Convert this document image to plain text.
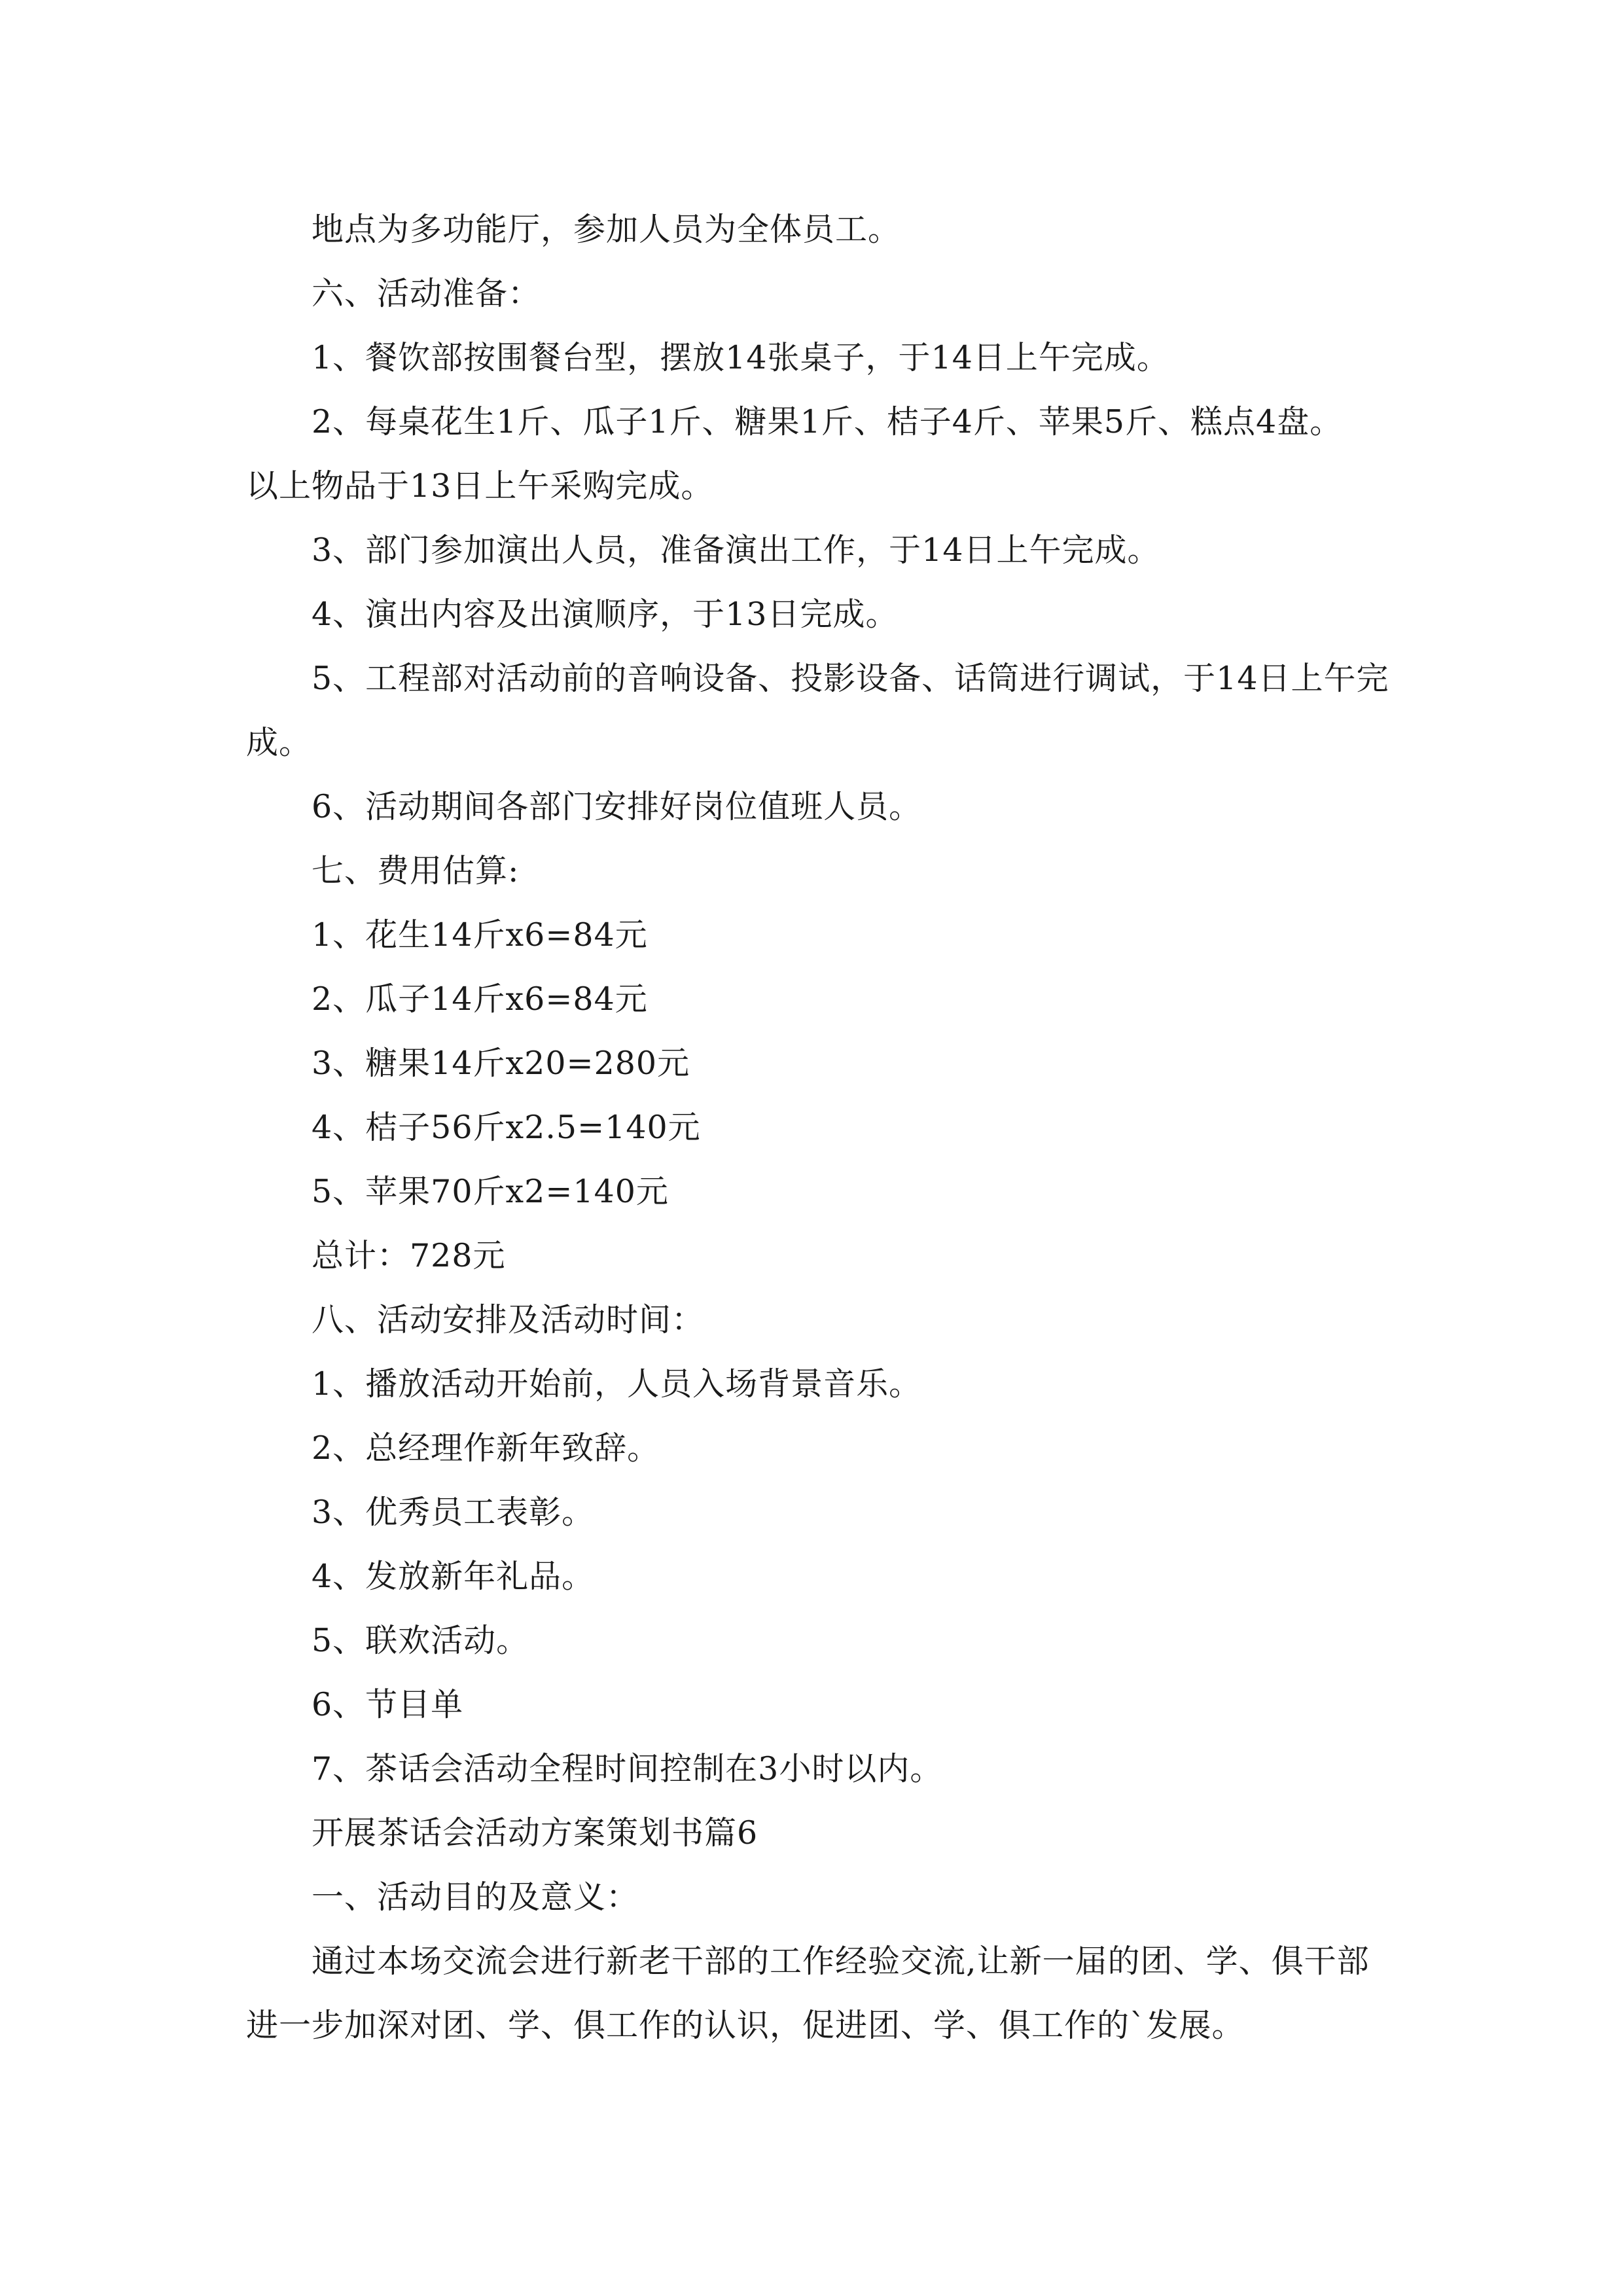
地点为多功能厅，参加人员为全体员工。
六、活动准备：
1、餐饮部按围餐台型，摆放14张桌子，于14日上午完成。
2、每桌花生1斤、瓜子1斤、糖果1斤、桔子4斤、苹果5斤、糕点4盘。
以上物品于13日上午采购完成。
3、部门参加演出人员，准备演出工作，于14日上午完成。
4、演出内容及出演顺序，于13日完成。
5、工程部对活动前的音响设备、投影设备、话筒进行调试，于14日上午完
成。
6、活动期间各部门安排好岗位值班人员。
七、费用估算:
1、花生14斤x6=84元
2、瓜子14斤x6=84元
3、糖果14斤x20=280元
4、桔子56斤x2.5=140元
5、苹果70斤x2=140元
总计：728元
八、活动安排及活动时间：
1、播放活动开始前，人员入场背景音乐。
2、总经理作新年致辞。
3、优秀员工表彰。
4、发放新年礼品。
5、联欢活动。
6、节目单
7、茶话会活动全程时间控制在3小时以内。
开展茶话会活动方案策划书篇6
一、活动目的及意义：
通过本场交流会进行新老干部的工作经验交流,让新一届的团、学、俱干部
进一步加深对团、学、俱工作的认识，促进团、学、俱工作的`发展。
